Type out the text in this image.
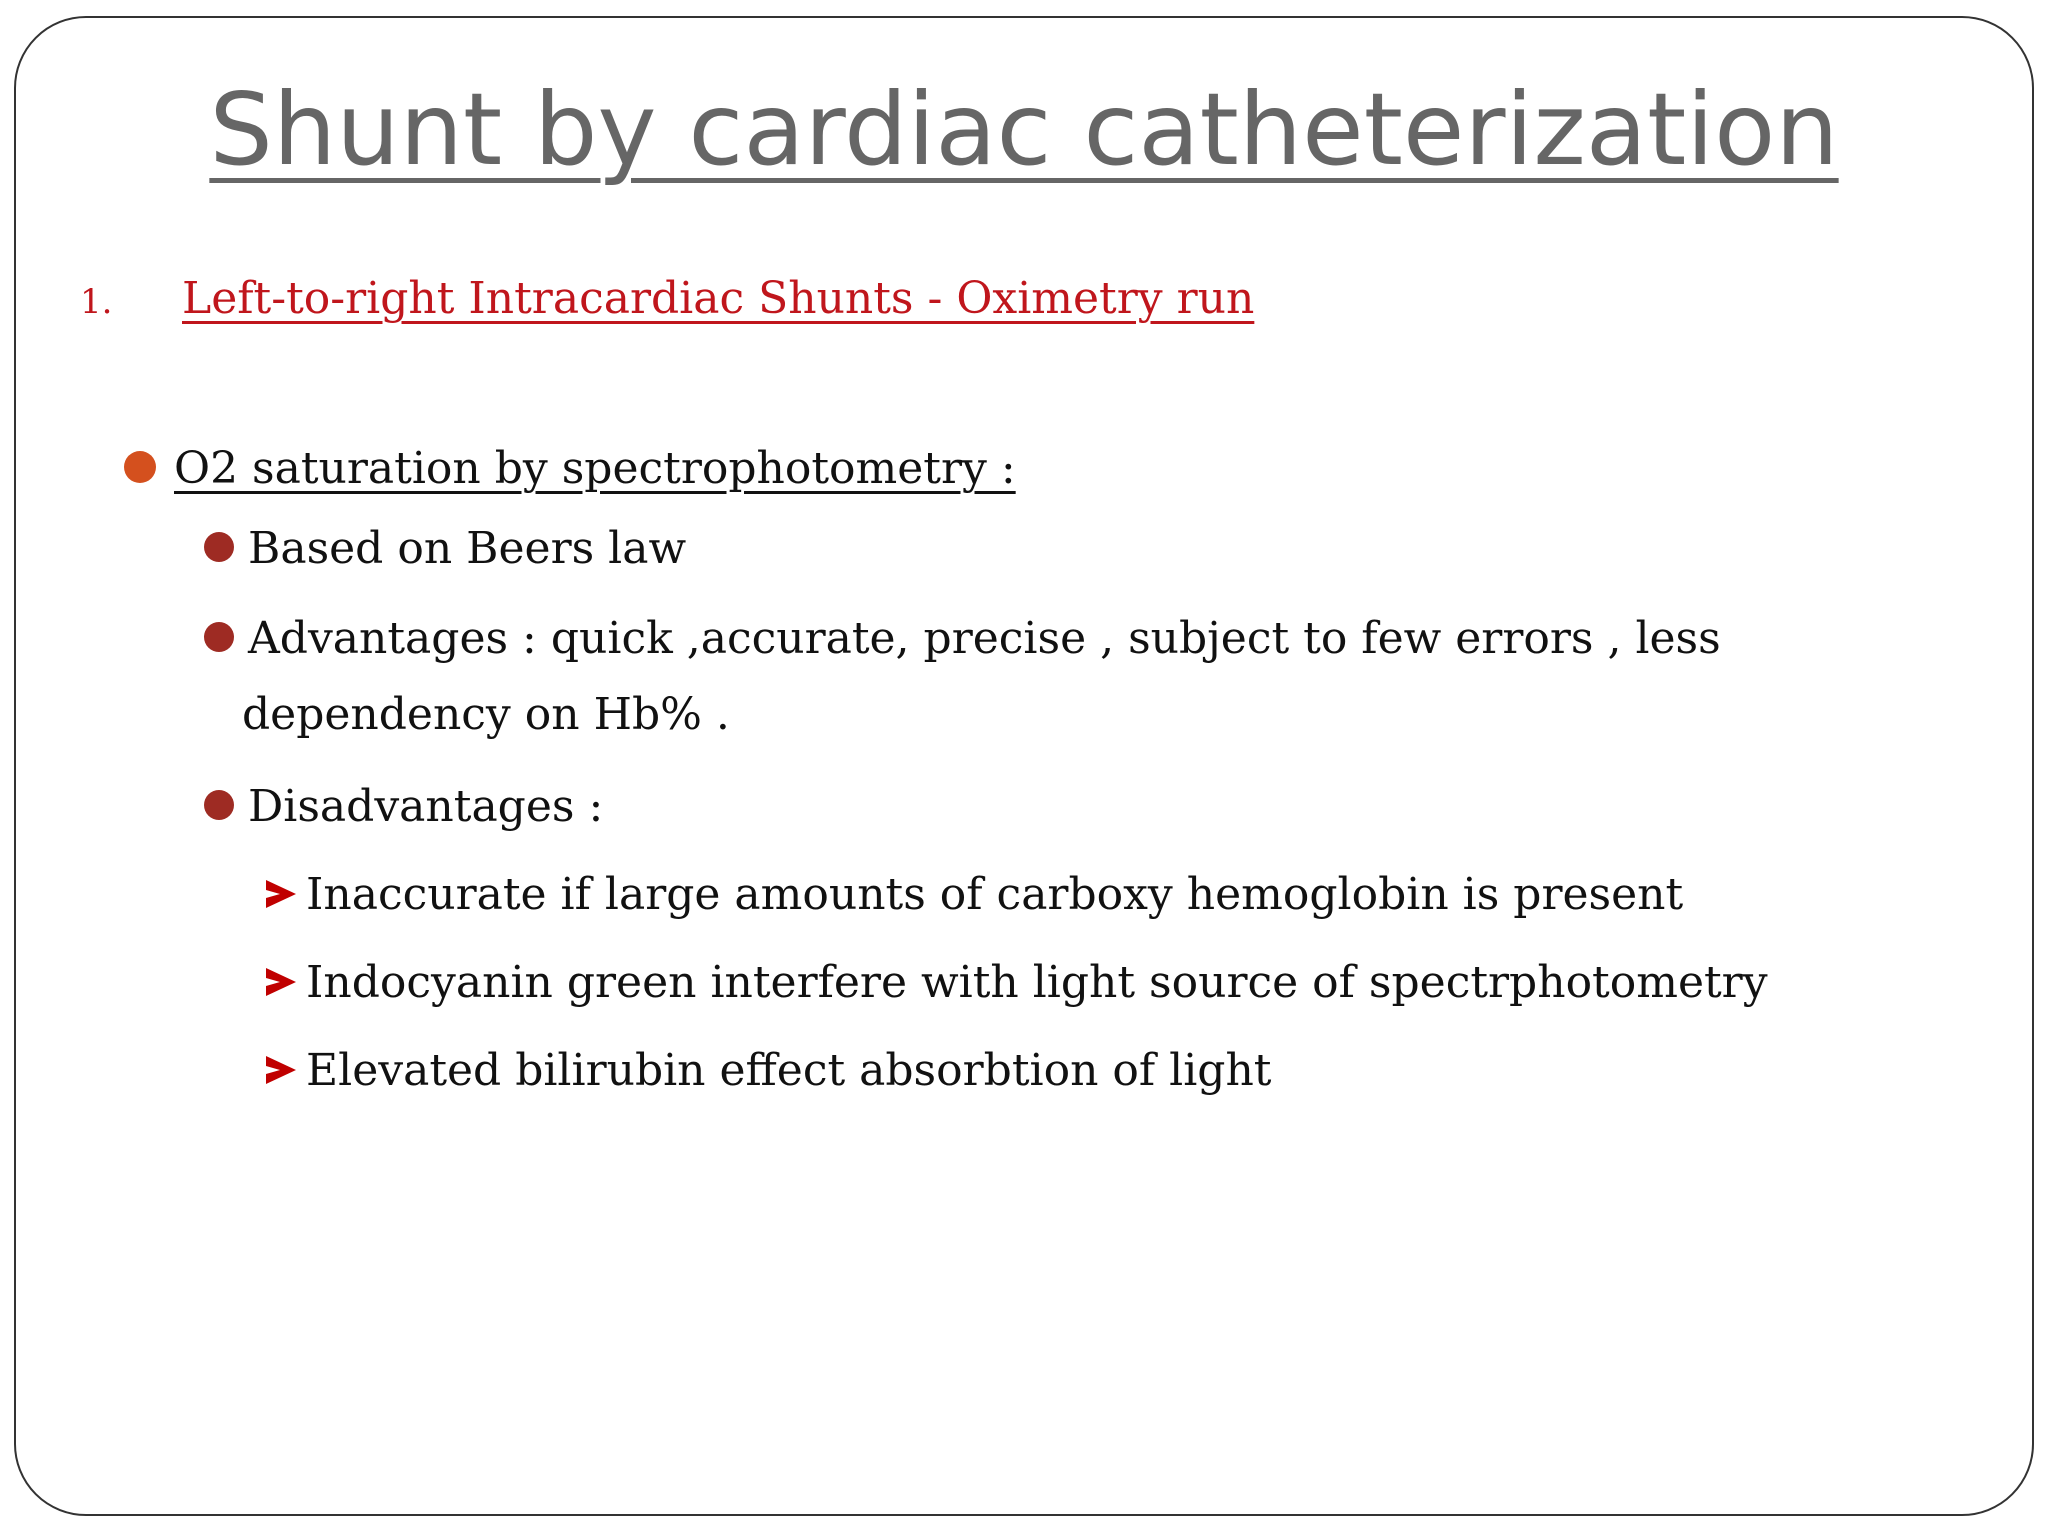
Shunt by cardiac catheterization
1. Left-to-right Intracardiac Shunts - Oximetry run
O2 saturation by spectrophotometry :
Based on Beers law
Advantages : quick ,accurate, precise , subject to few errors , less
dependency on Hb% .
Disadvantages :
Inaccurate if large amounts of carboxy hemoglobin is present
Indocyanin green interfere with light source of spectrphotometry
Elevated bilirubin effect absorbtion of light
